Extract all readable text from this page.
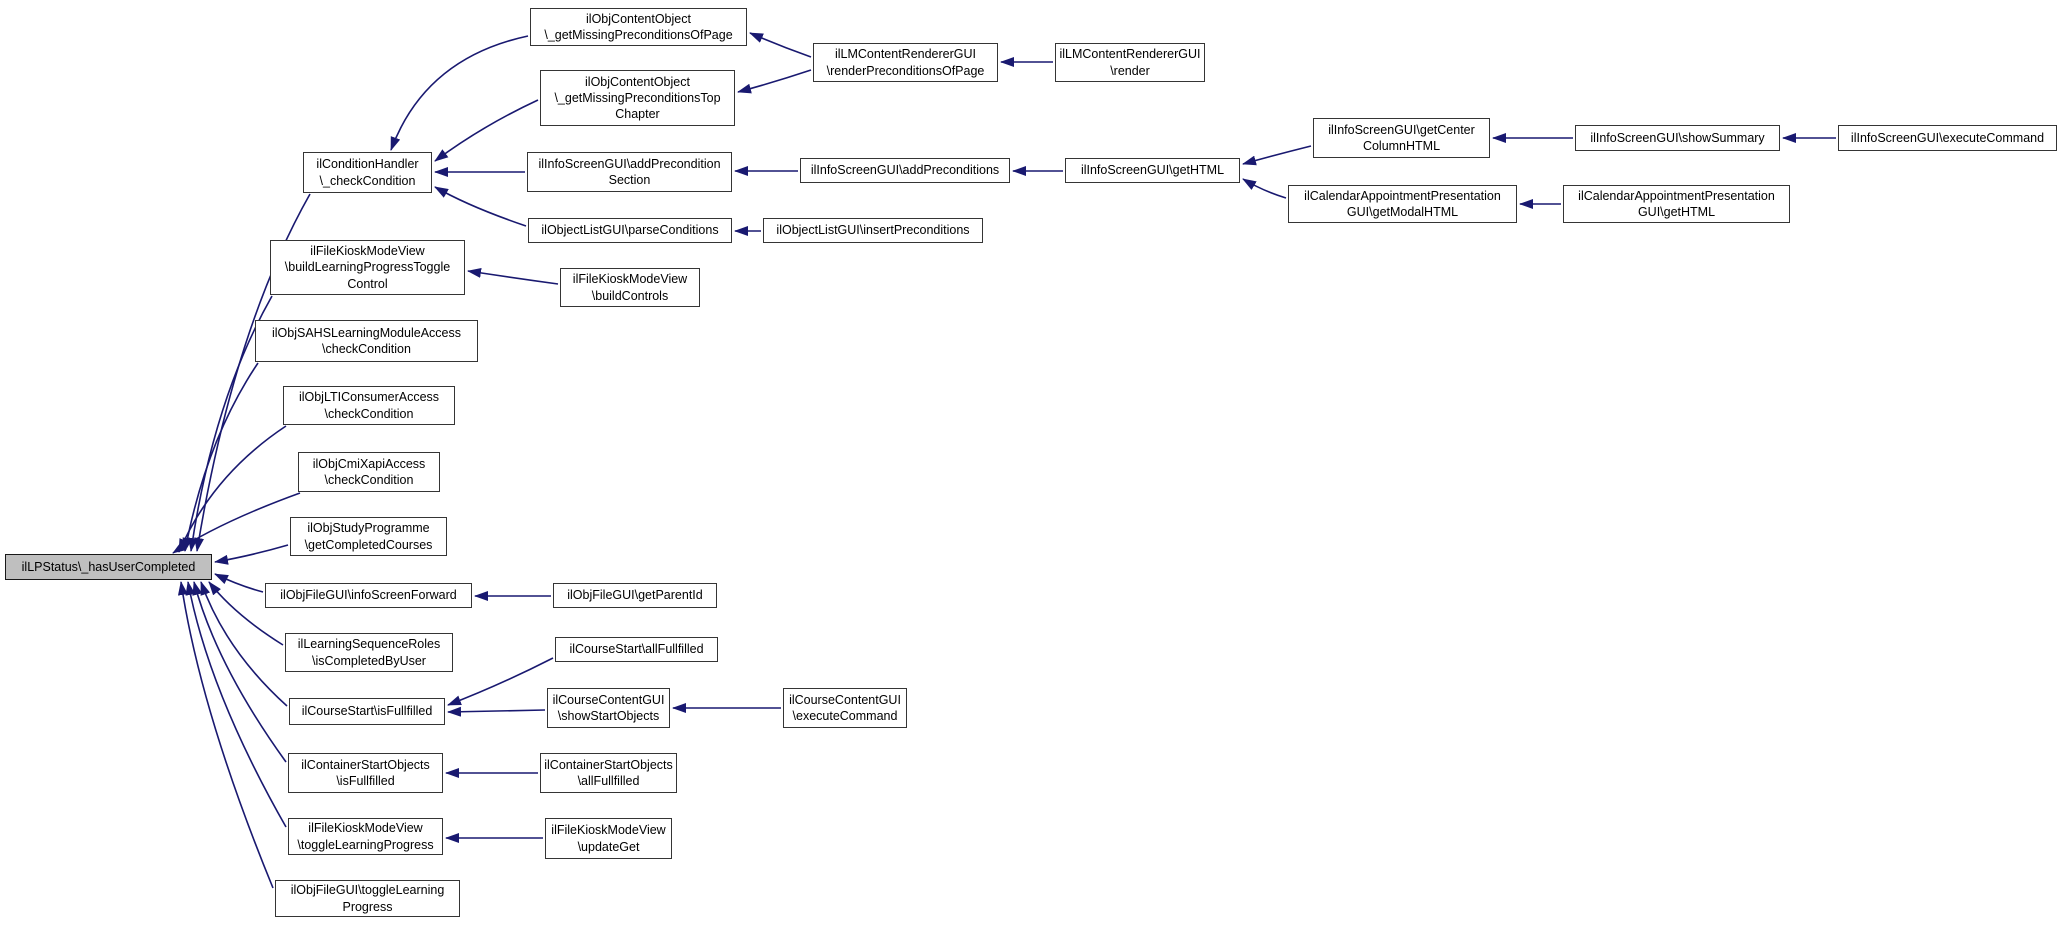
ilLPStatus\_hasUserCompleted
ilConditionHandler
\_checkCondition
ilObjContentObject
\_getMissingPreconditionsOfPage
ilObjContentObject
\_getMissingPreconditionsTop
Chapter
ilLMContentRendererGUI
\renderPreconditionsOfPage
ilLMContentRendererGUI
\render
ilInfoScreenGUI\addPrecondition
Section
ilInfoScreenGUI\addPreconditions	ilInfoScreenGUI\getHTML
ilInfoScreenGUI\getCenter
ColumnHTML
ilInfoScreenGUI\showSummary	ilInfoScreenGUI\executeCommand
ilCalendarAppointmentPresentation
GUI\getModalHTML
ilCalendarAppointmentPresentation
GUI\getHTML
ilObjectListGUI\parseConditions	ilObjectListGUI\insertPreconditions
ilFileKioskModeView
\buildLearningProgressToggle
Control	ilFileKioskModeView
\buildControls
ilObjSAHSLearningModuleAccess
\checkCondition
ilObjLTIConsumerAccess
\checkCondition
ilObjCmiXapiAccess
\checkCondition
ilObjStudyProgramme
\getCompletedCourses
ilObjFileGUI\infoScreenForward	ilObjFileGUI\getParentId
ilLearningSequenceRoles
\isCompletedByUser
ilCourseStart\allFullfilled
ilCourseStart\isFullfilled
ilCourseContentGUI
\showStartObjects
ilCourseContentGUI
\executeCommand
ilContainerStartObjects
\isFullfilled
ilContainerStartObjects
\allFullfilled
ilFileKioskModeView
\toggleLearningProgress
ilFileKioskModeView
\updateGet
ilObjFileGUI\toggleLearning
Progress
